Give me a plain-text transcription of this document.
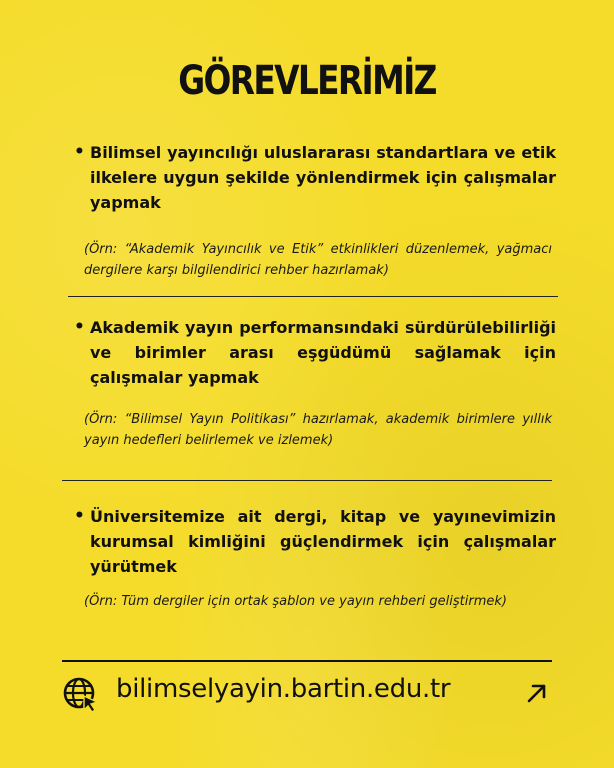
GÖREVLERİMİZ
• Bilimsel yayıncılığı uluslararası standartlara ve etik ilkelere uygun şekilde yönlendirmek için çalışmalar yapmak
(Örn: “Akademik Yayıncılık ve Etik” etkinlikleri düzenlemek, yağmacı dergilere karşı bilgilendirici rehber hazırlamak)
• Akademik yayın performansındaki sürdürülebilirliği ve birimler arası eşgüdümü sağlamak için çalışmalar yapmak
(Örn: “Bilimsel Yayın Politikası” hazırlamak, akademik birimlere yıllık yayın hedefleri belirlemek ve izlemek)
• Üniversitemize ait dergi, kitap ve yayınevimizin kurumsal kimliğini güçlendirmek için çalışmalar yürütmek
(Örn: Tüm dergiler için ortak şablon ve yayın rehberi geliştirmek)
bilimselyayin.bartin.edu.tr
